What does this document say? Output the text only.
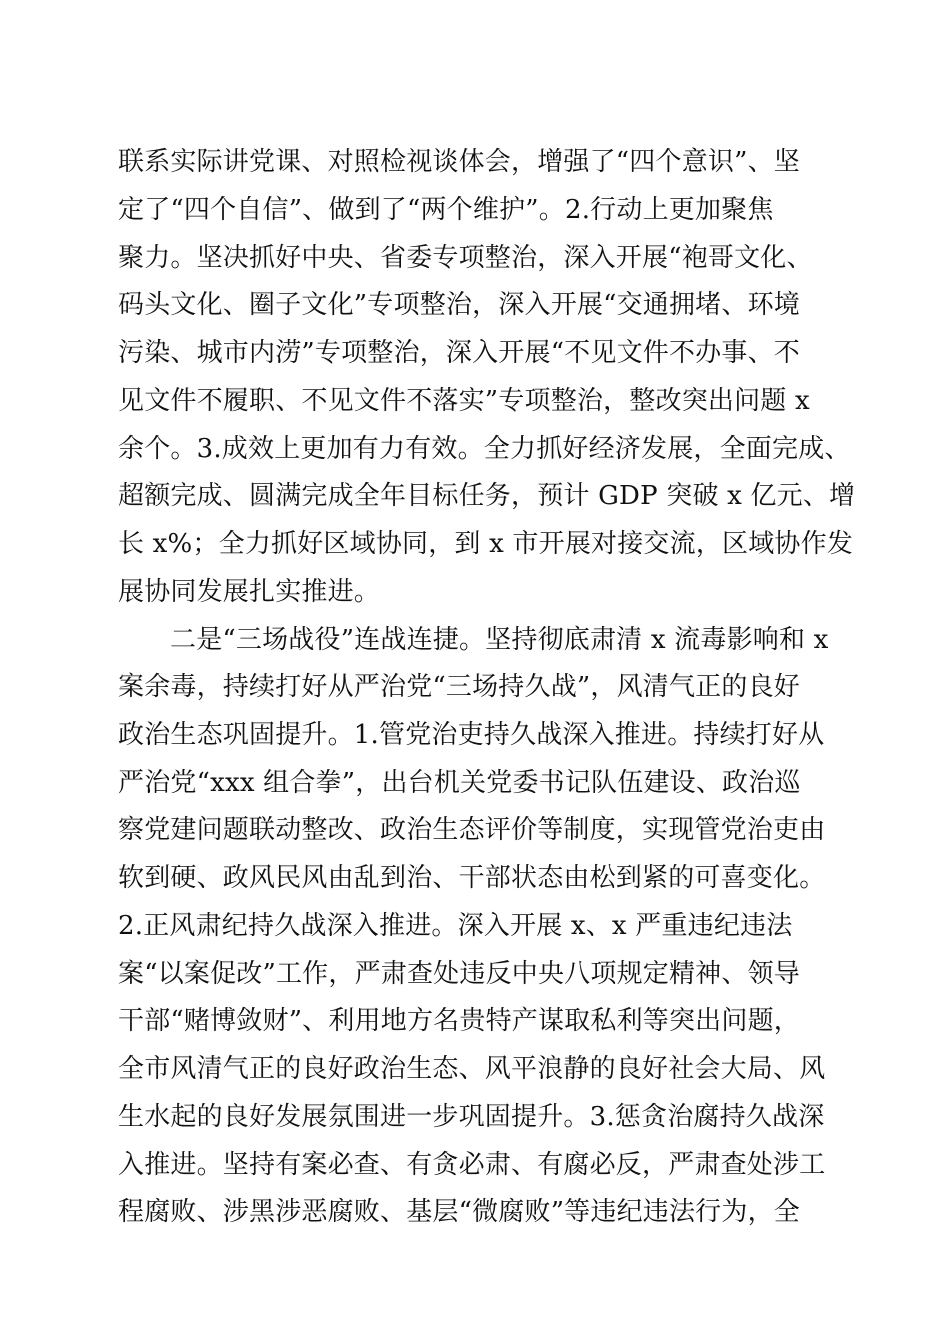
联系实际讲党课、对照检视谈体会，增强了“四个意识”、坚
定了“四个自信”、做到了“两个维护”。2.行动上更加聚焦
聚力。坚决抓好中央、省委专项整治，深入开展“袍哥文化、
码头文化、圈子文化”专项整治，深入开展“交通拥堵、环境
污染、城市内涝”专项整治，深入开展“不见文件不办事、不
见文件不履职、不见文件不落实”专项整治，整改突出问题 x
余个。3.成效上更加有力有效。全力抓好经济发展，全面完成、
超额完成、圆满完成全年目标任务，预计 GDP 突破 x 亿元、增
长 x%；全力抓好区域协同，到 x 市开展对接交流，区域协作发
展协同发展扎实推进。
二是“三场战役”连战连捷。坚持彻底肃清 x 流毒影响和 x
案余毒，持续打好从严治党“三场持久战”，风清气正的良好
政治生态巩固提升。1.管党治吏持久战深入推进。持续打好从
严治党“xxx 组合拳”，出台机关党委书记队伍建设、政治巡
察党建问题联动整改、政治生态评价等制度，实现管党治吏由
软到硬、政风民风由乱到治、干部状态由松到紧的可喜变化。
2.正风肃纪持久战深入推进。深入开展 x、x 严重违纪违法
案“以案促改”工作，严肃查处违反中央八项规定精神、领导
干部“赌博敛财”、利用地方名贵特产谋取私利等突出问题，
全市风清气正的良好政治生态、风平浪静的良好社会大局、风
生水起的良好发展氛围进一步巩固提升。3.惩贪治腐持久战深
入推进。坚持有案必查、有贪必肃、有腐必反，严肃查处涉工
程腐败、涉黑涉恶腐败、基层“微腐败”等违纪违法行为，全
